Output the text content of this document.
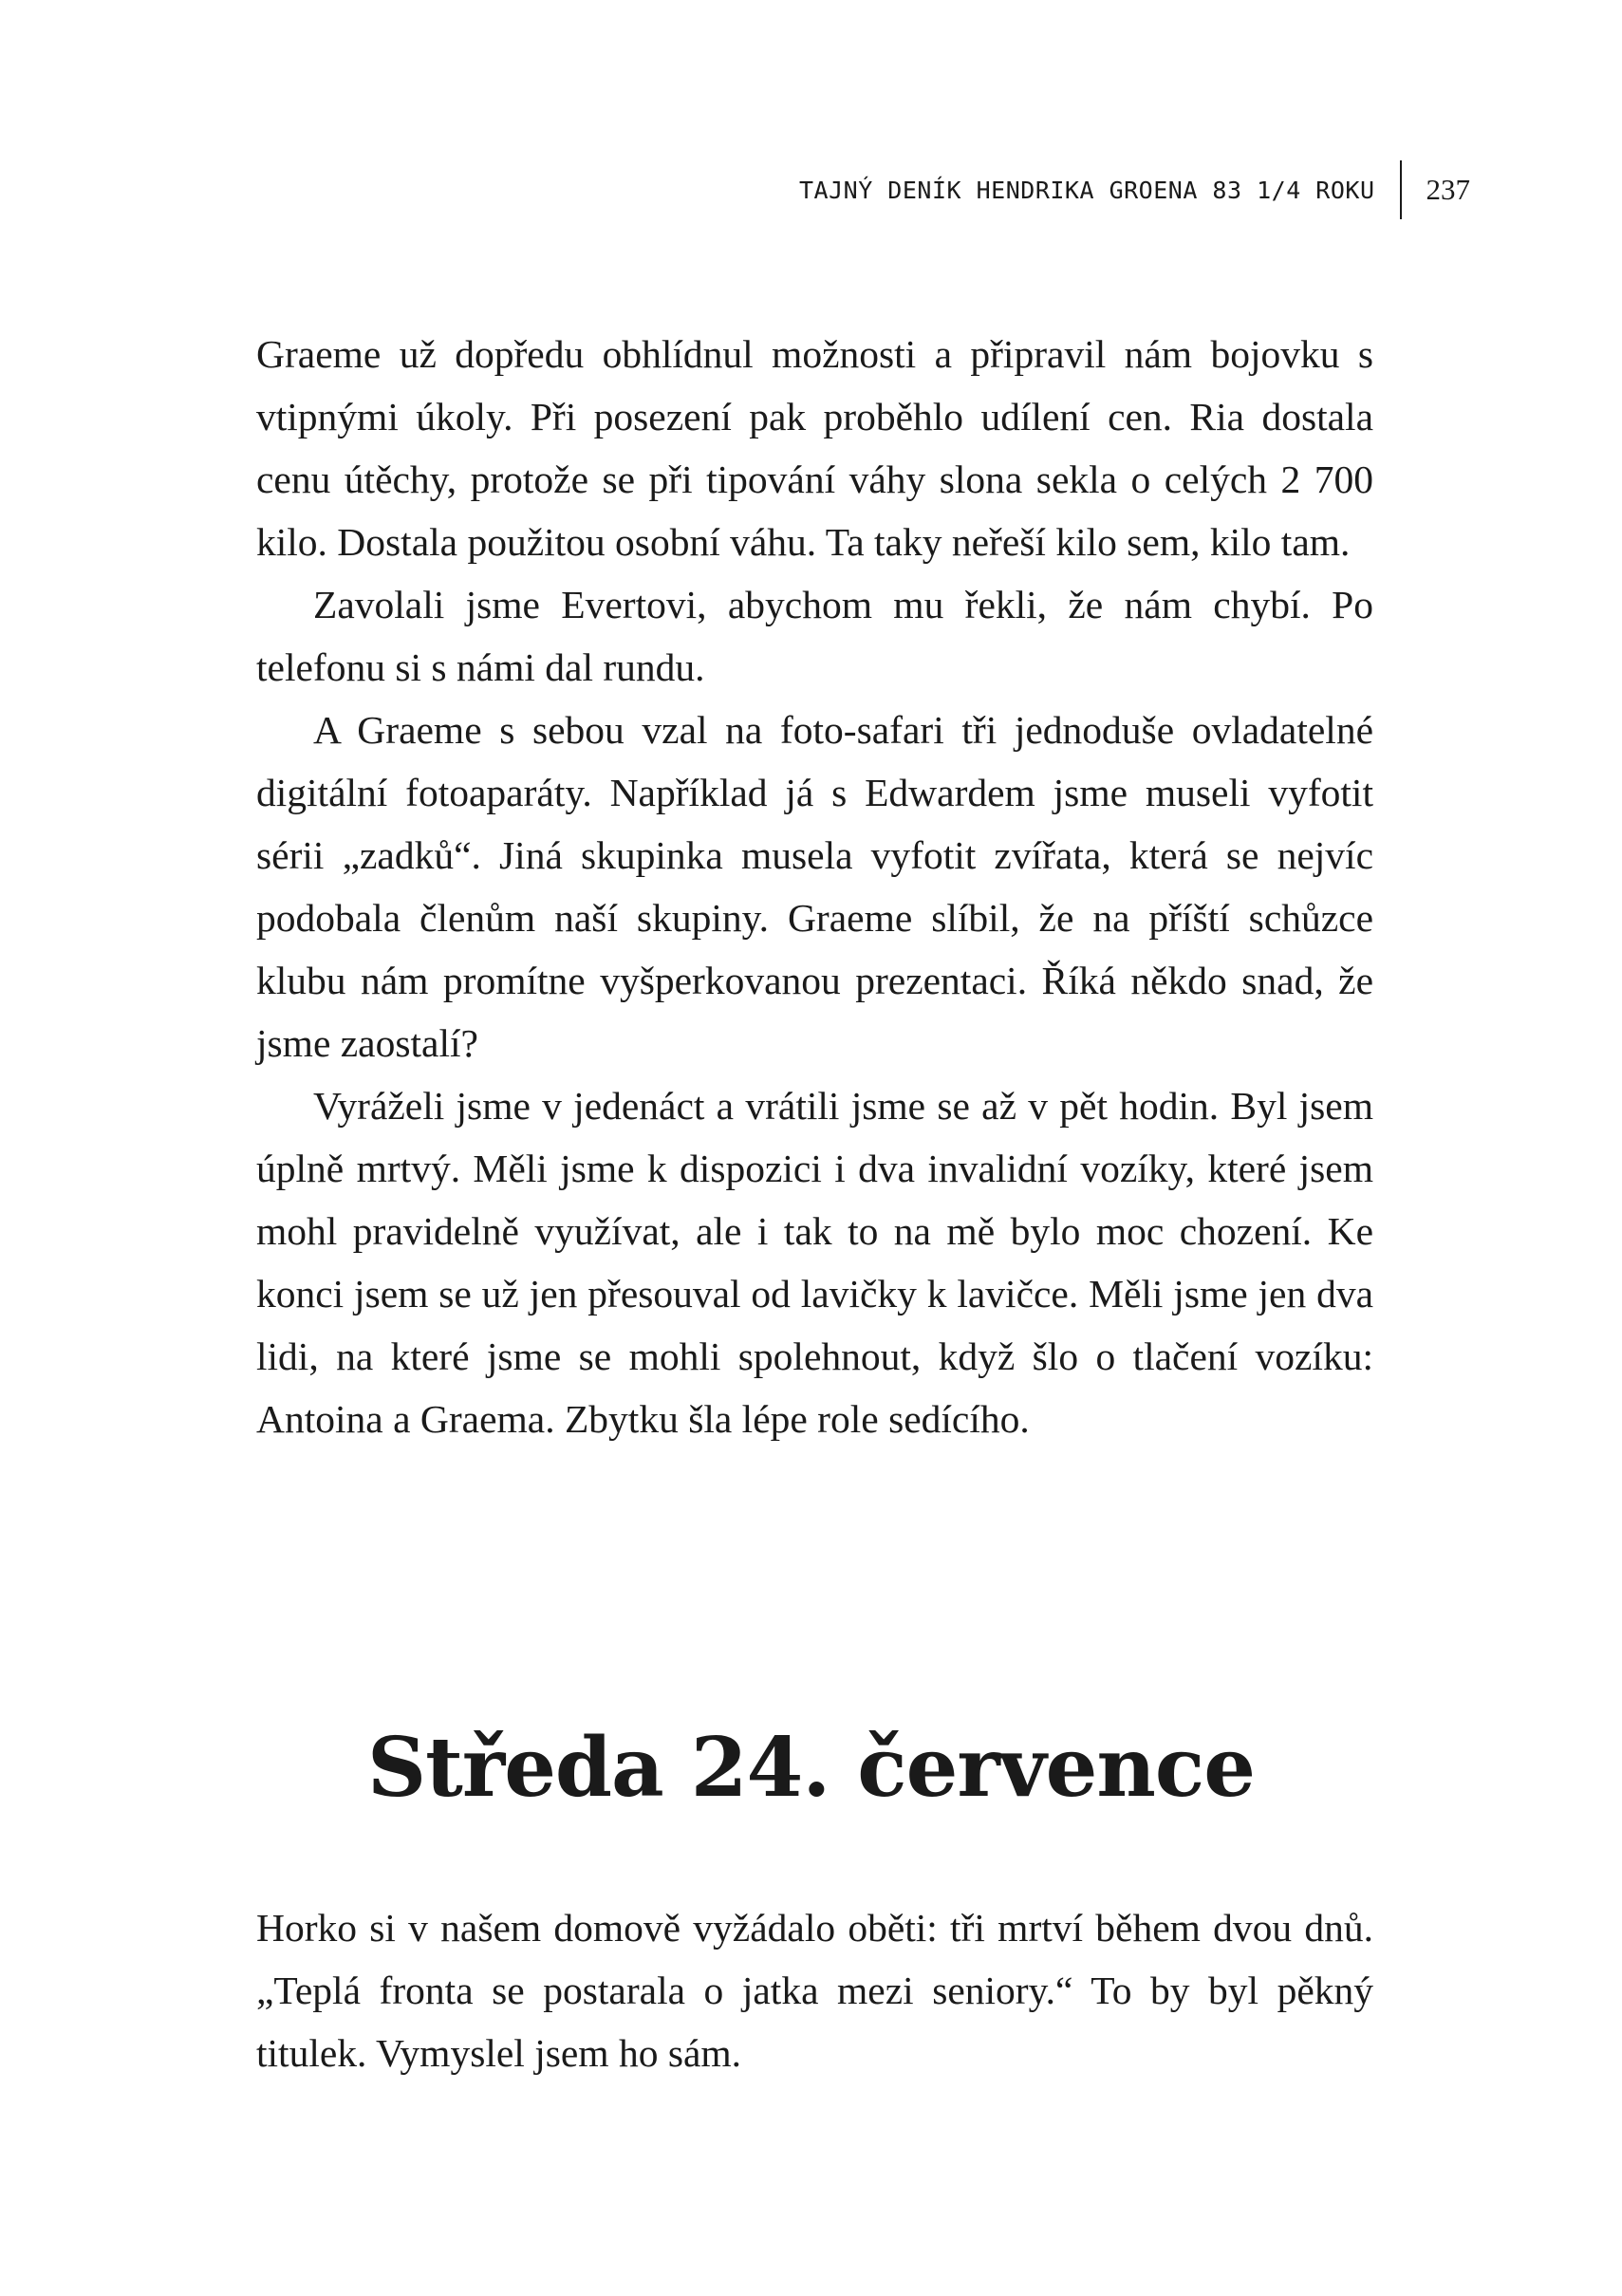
TAJNÝ DENÍK HENDRIKA GROENA 83 1/4 ROKU	237

Graeme už dopředu obhlídnul možnosti a připravil nám bojovku s vtipnými úkoly. Při posezení pak proběhlo udílení cen. Ria dostala cenu útěchy, protože se při tipování váhy slona sekla o celých 2 700 kilo. Dostala použitou osobní váhu. Ta taky neřeší kilo sem, kilo tam.

Zavolali jsme Evertovi, abychom mu řekli, že nám chybí. Po telefonu si s námi dal rundu.

A Graeme s sebou vzal na foto-safari tři jednoduše ovladatelné digitální fotoaparáty. Například já s Edwardem jsme museli vyfotit sérii „zadků“. Jiná skupinka musela vyfotit zvířata, která se nejvíc podobala členům naší skupiny. Graeme slíbil, že na příští schůzce klubu nám promítne vyšperkovanou prezentaci. Říká někdo snad, že jsme zaostalí?

Vyráželi jsme v jedenáct a vrátili jsme se až v pět hodin. Byl jsem úplně mrtvý. Měli jsme k dispozici i dva invalidní vozíky, které jsem mohl pravidelně využívat, ale i tak to na mě bylo moc chození. Ke konci jsem se už jen přesouval od lavičky k lavičce. Měli jsme jen dva lidi, na které jsme se mohli spolehnout, když šlo o tlačení vozíku: Antoina a Graema. Zbytku šla lépe role sedícího.

Středa 24. července

Horko si v našem domově vyžádalo oběti: tři mrtví během dvou dnů. „Teplá fronta se postarala o jatka mezi seniory.“ To by byl pěkný titulek. Vymyslel jsem ho sám.
